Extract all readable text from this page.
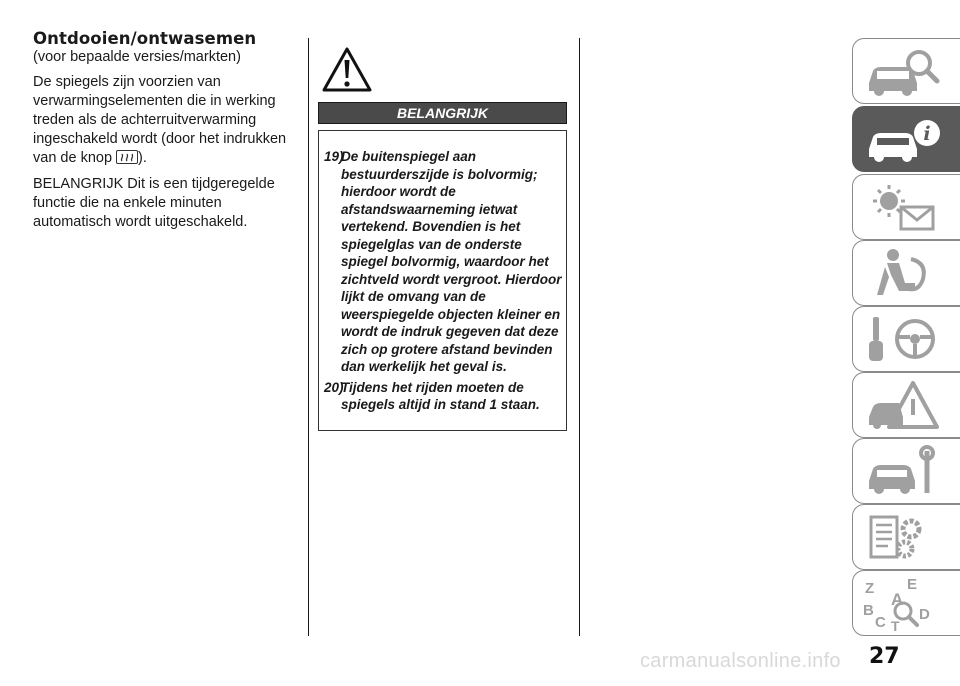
Ontdooien/ontwasemen

(voor bepaalde versies/markten)

De spiegels zijn voorzien van verwarmingselementen die in werking treden als de achterruitverwarming ingeschakeld wordt (door het indrukken van de knop ).

BELANGRIJK Dit is een tijdgeregelde functie die na enkele minuten automatisch wordt uitgeschakeld.

BELANGRIJK
19)
De buitenspiegel aan bestuurderszijde is bolvormig; hierdoor wordt de afstandswaarneming ietwat vertekend. Bovendien is het spiegelglas van de onderste spiegel bolvormig, waardoor het zichtveld wordt vergroot. Hierdoor lijkt de omvang van de weerspiegelde objecten kleiner en wordt de indruk gegeven dat deze zich op grotere afstand bevinden dan werkelijk het geval is.
20)
Tijdens het rijden moeten de spiegels altijd in stand 1 staan.
i
Z E
A
B
C T
D
carmanualsonline.info 27
